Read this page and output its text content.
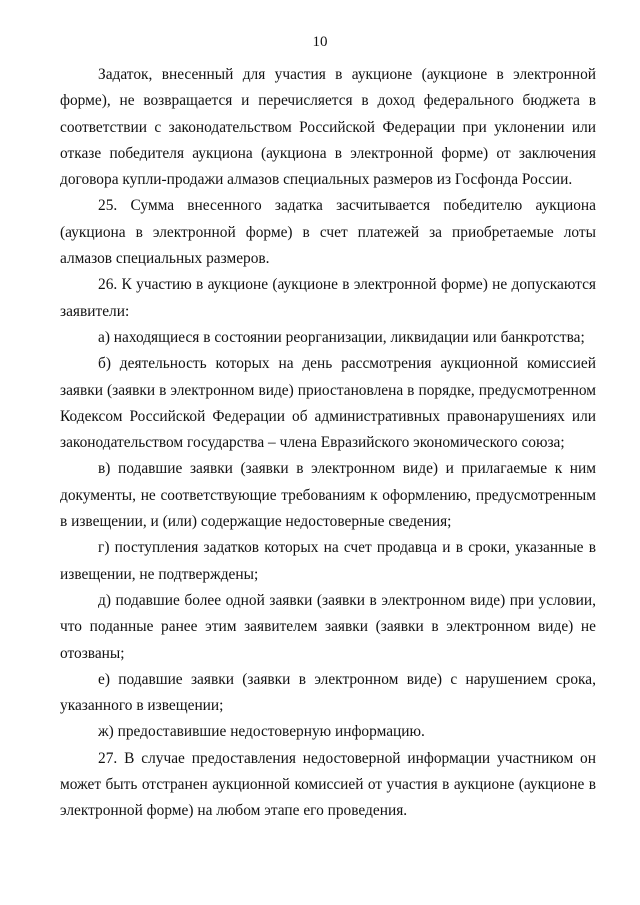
10

Задаток, внесенный для участия в аукционе (аукционе в электронной форме), не возвращается и перечисляется в доход федерального бюджета в соответствии с законодательством Российской Федерации при уклонении или отказе победителя аукциона (аукциона в электронной форме) от заключения договора купли-продажи алмазов специальных размеров из Госфонда России.

25. Сумма внесенного задатка засчитывается победителю аукциона (аукциона в электронной форме) в счет платежей за приобретаемые лоты алмазов специальных размеров.

26. К участию в аукционе (аукционе в электронной форме) не допускаются заявители:

а) находящиеся в состоянии реорганизации, ликвидации или банкротства;

б) деятельность которых на день рассмотрения аукционной комиссией заявки (заявки в электронном виде) приостановлена в порядке, предусмотренном Кодексом Российской Федерации об административных правонарушениях или законодательством государства – члена Евразийского экономического союза;

в) подавшие заявки (заявки в электронном виде) и прилагаемые к ним документы, не соответствующие требованиям к оформлению, предусмотренным в извещении, и (или) содержащие недостоверные сведения;

г) поступления задатков которых на счет продавца и в сроки, указанные в извещении, не подтверждены;

д) подавшие более одной заявки (заявки в электронном виде) при условии, что поданные ранее этим заявителем заявки (заявки в электронном виде) не отозваны;

е) подавшие заявки (заявки в электронном виде) с нарушением срока, указанного в извещении;

ж) предоставившие недостоверную информацию.

27. В случае предоставления недостоверной информации участником он может быть отстранен аукционной комиссией от участия в аукционе (аукционе в электронной форме) на любом этапе его проведения.
